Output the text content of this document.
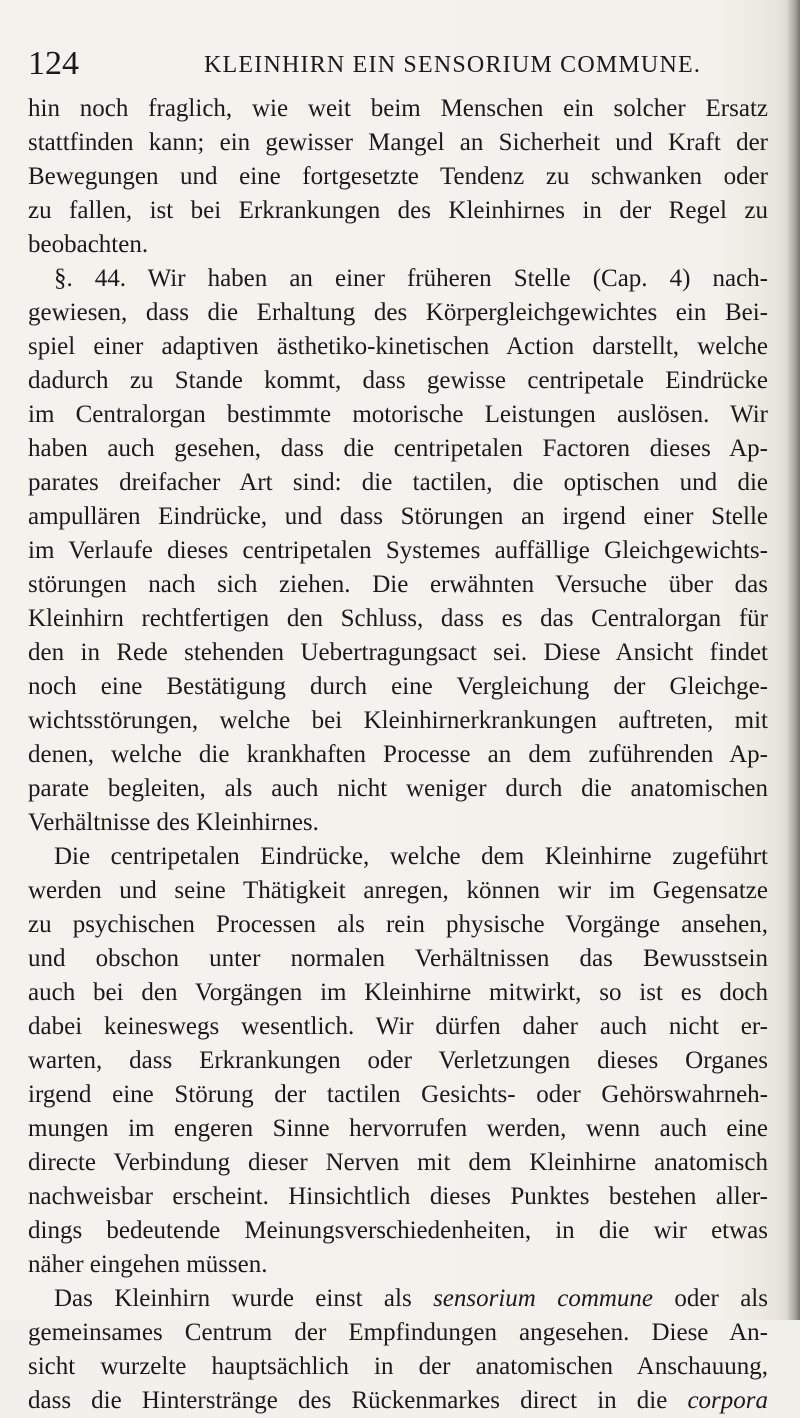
124	KLEINHIRN EIN SENSORIUM COMMUNE.
hin noch fraglich, wie weit beim Menschen ein solcher Ersatz
stattfinden kann; ein gewisser Mangel an Sicherheit und Kraft der
Bewegungen und eine fortgesetzte Tendenz zu schwanken oder
zu fallen, ist bei Erkrankungen des Kleinhirnes in der Regel zu
beobachten.
§. 44. Wir haben an einer früheren Stelle (Cap. 4) nach-
gewiesen, dass die Erhaltung des Körpergleichgewichtes ein Bei-
spiel einer adaptiven ästhetiko-kinetischen Action darstellt, welche
dadurch zu Stande kommt, dass gewisse centripetale Eindrücke
im Centralorgan bestimmte motorische Leistungen auslösen. Wir
haben auch gesehen, dass die centripetalen Factoren dieses Ap-
parates dreifacher Art sind: die tactilen, die optischen und die
ampullären Eindrücke, und dass Störungen an irgend einer Stelle
im Verlaufe dieses centripetalen Systemes auffällige Gleichgewichts-
störungen nach sich ziehen. Die erwähnten Versuche über das
Kleinhirn rechtfertigen den Schluss, dass es das Centralorgan für
den in Rede stehenden Uebertragungsact sei. Diese Ansicht findet
noch eine Bestätigung durch eine Vergleichung der Gleichge-
wichtsstörungen, welche bei Kleinhirnerkrankungen auftreten, mit
denen, welche die krankhaften Processe an dem zuführenden Ap-
parate begleiten, als auch nicht weniger durch die anatomischen
Verhältnisse des Kleinhirnes.
Die centripetalen Eindrücke, welche dem Kleinhirne zugeführt
werden und seine Thätigkeit anregen, können wir im Gegensatze
zu psychischen Processen als rein physische Vorgänge ansehen,
und obschon unter normalen Verhältnissen das Bewusstsein
auch bei den Vorgängen im Kleinhirne mitwirkt, so ist es doch
dabei keineswegs wesentlich. Wir dürfen daher auch nicht er-
warten, dass Erkrankungen oder Verletzungen dieses Organes
irgend eine Störung der tactilen Gesichts- oder Gehörswahrneh-
mungen im engeren Sinne hervorrufen werden, wenn auch eine
directe Verbindung dieser Nerven mit dem Kleinhirne anatomisch
nachweisbar erscheint. Hinsichtlich dieses Punktes bestehen aller-
dings bedeutende Meinungsverschiedenheiten, in die wir etwas
näher eingehen müssen.
Das Kleinhirn wurde einst als sensorium commune oder als
gemeinsames Centrum der Empfindungen angesehen. Diese An-
sicht wurzelte hauptsächlich in der anatomischen Anschauung,
dass die Hinterstränge des Rückenmarkes direct in die corpora
